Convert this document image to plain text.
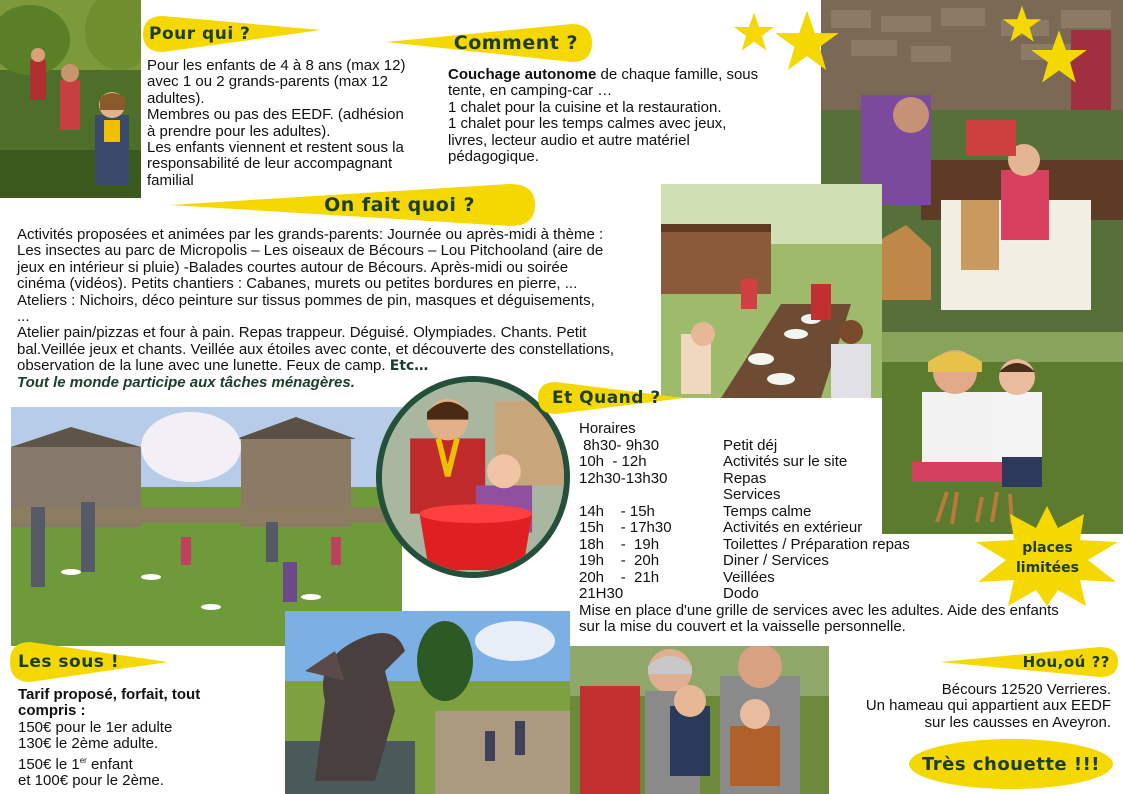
Pour qui ?

Pour les enfants de 4 à 8 ans (max 12)

avec 1 ou 2 grands-parents (max 12

adultes).

Membres ou pas des EEDF. (adhésion

à prendre pour les adultes).

Les enfants viennent et restent sous la

responsabilité de leur accompagnant

familial

Comment ?

Couchage autonome de chaque famille, sous

tente, en camping-car …

1 chalet pour la cuisine et la restauration.

1 chalet pour les temps calmes avec jeux,

livres, lecteur audio et autre matériel

pédagogique.

On fait quoi ?

Activités proposées et animées par les grands-parents: Journée ou après-midi à thème :

Les insectes au parc de Micropolis – Les oiseaux de Bécours – Lou Pitchooland (aire de

jeux en intérieur si pluie) -Balades courtes autour de Bécours. Après-midi ou soirée

cinéma (vidéos). Petits chantiers : Cabanes, murets ou petites bordures en pierre, ...

Ateliers : Nichoirs, déco peinture sur tissus pommes de pin, masques et déguisements,

...

Atelier pain/pizzas et four à pain. Repas trappeur. Déguisé. Olympiades. Chants. Petit

bal.Veillée jeux et chants. Veillée aux étoiles avec conte, et découverte des constellations,

observation de la lune avec une lunette. Feux de camp. Etc…

Tout le monde participe aux tâches ménagères.

Et Quand ?
Horaires
8h30- 9h30	Petit déj
10h  - 12h	Activités sur le site
12h30-13h30	Repas
Services
14h    - 15h	Temps calme
15h    - 17h30	Activités en extérieur
18h    -  19h	Toilettes / Préparation repas
19h    -  20h	Diner / Services
20h    -  21h	Veillées
21H30	Dodo
Mise en place d'une grille de services avec les adultes. Aide des enfants
sur la mise du couvert et la vaisselle personnelle.
places
limitées
Les sous !

Tarif proposé, forfait, tout

compris :

150€ pour le 1er adulte

130€ le 2ème adulte.

150€ le 1er enfant

et 100€ pour le 2ème.

Hou,oú ??

Bécours 12520 Verrieres.

Un hameau qui appartient aux EEDF

sur les causses en Aveyron.

Très chouette !!!
